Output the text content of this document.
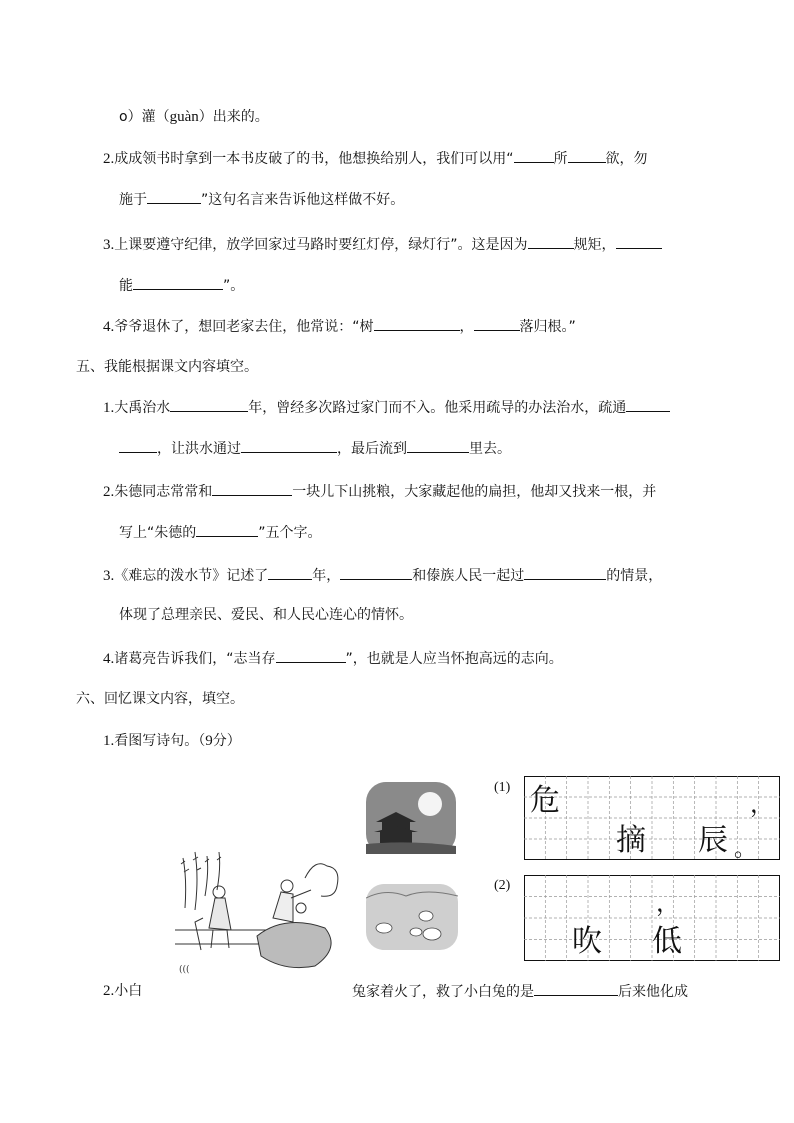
o）灌（guàn）出来的。
2.成成领书时拿到一本书皮破了的书，他想换给别人，我们可以用“	所	欲，勿
施于	”这句名言来告诉他这样做不好。
3.上课要遵守纪律，放学回家过马路时要红灯停，绿灯行”。这是因为	规矩，
能	”。
4.爷爷退休了，想回老家去住，他常说：“树	，	落归根。”
五、我能根据课文内容填空。
1.大禹治水	年，曾经多次路过家门而不入。他采用疏导的办法治水，疏通
，让洪水通过	，最后流到	里去。
2.朱德同志常常和	一块儿下山挑粮，大家藏起他的扁担，他却又找来一根，并
写上“朱德的	”五个字。
3.《难忘的泼水节》记述了	年，	和傣族人民一起过	的情景，
体现了总理亲民、爱民、和人民心连心的情怀。
4.诸葛亮告诉我们，“志当存	”，也就是人应当怀抱高远的志向。
六、回忆课文内容，填空。
1.看图写诗句。（9分）
(((
(1) 危	，
摘 辰 。
(2)
，
吹 低
2.小白	兔家着火了，救了小白兔的是	后来他化成
